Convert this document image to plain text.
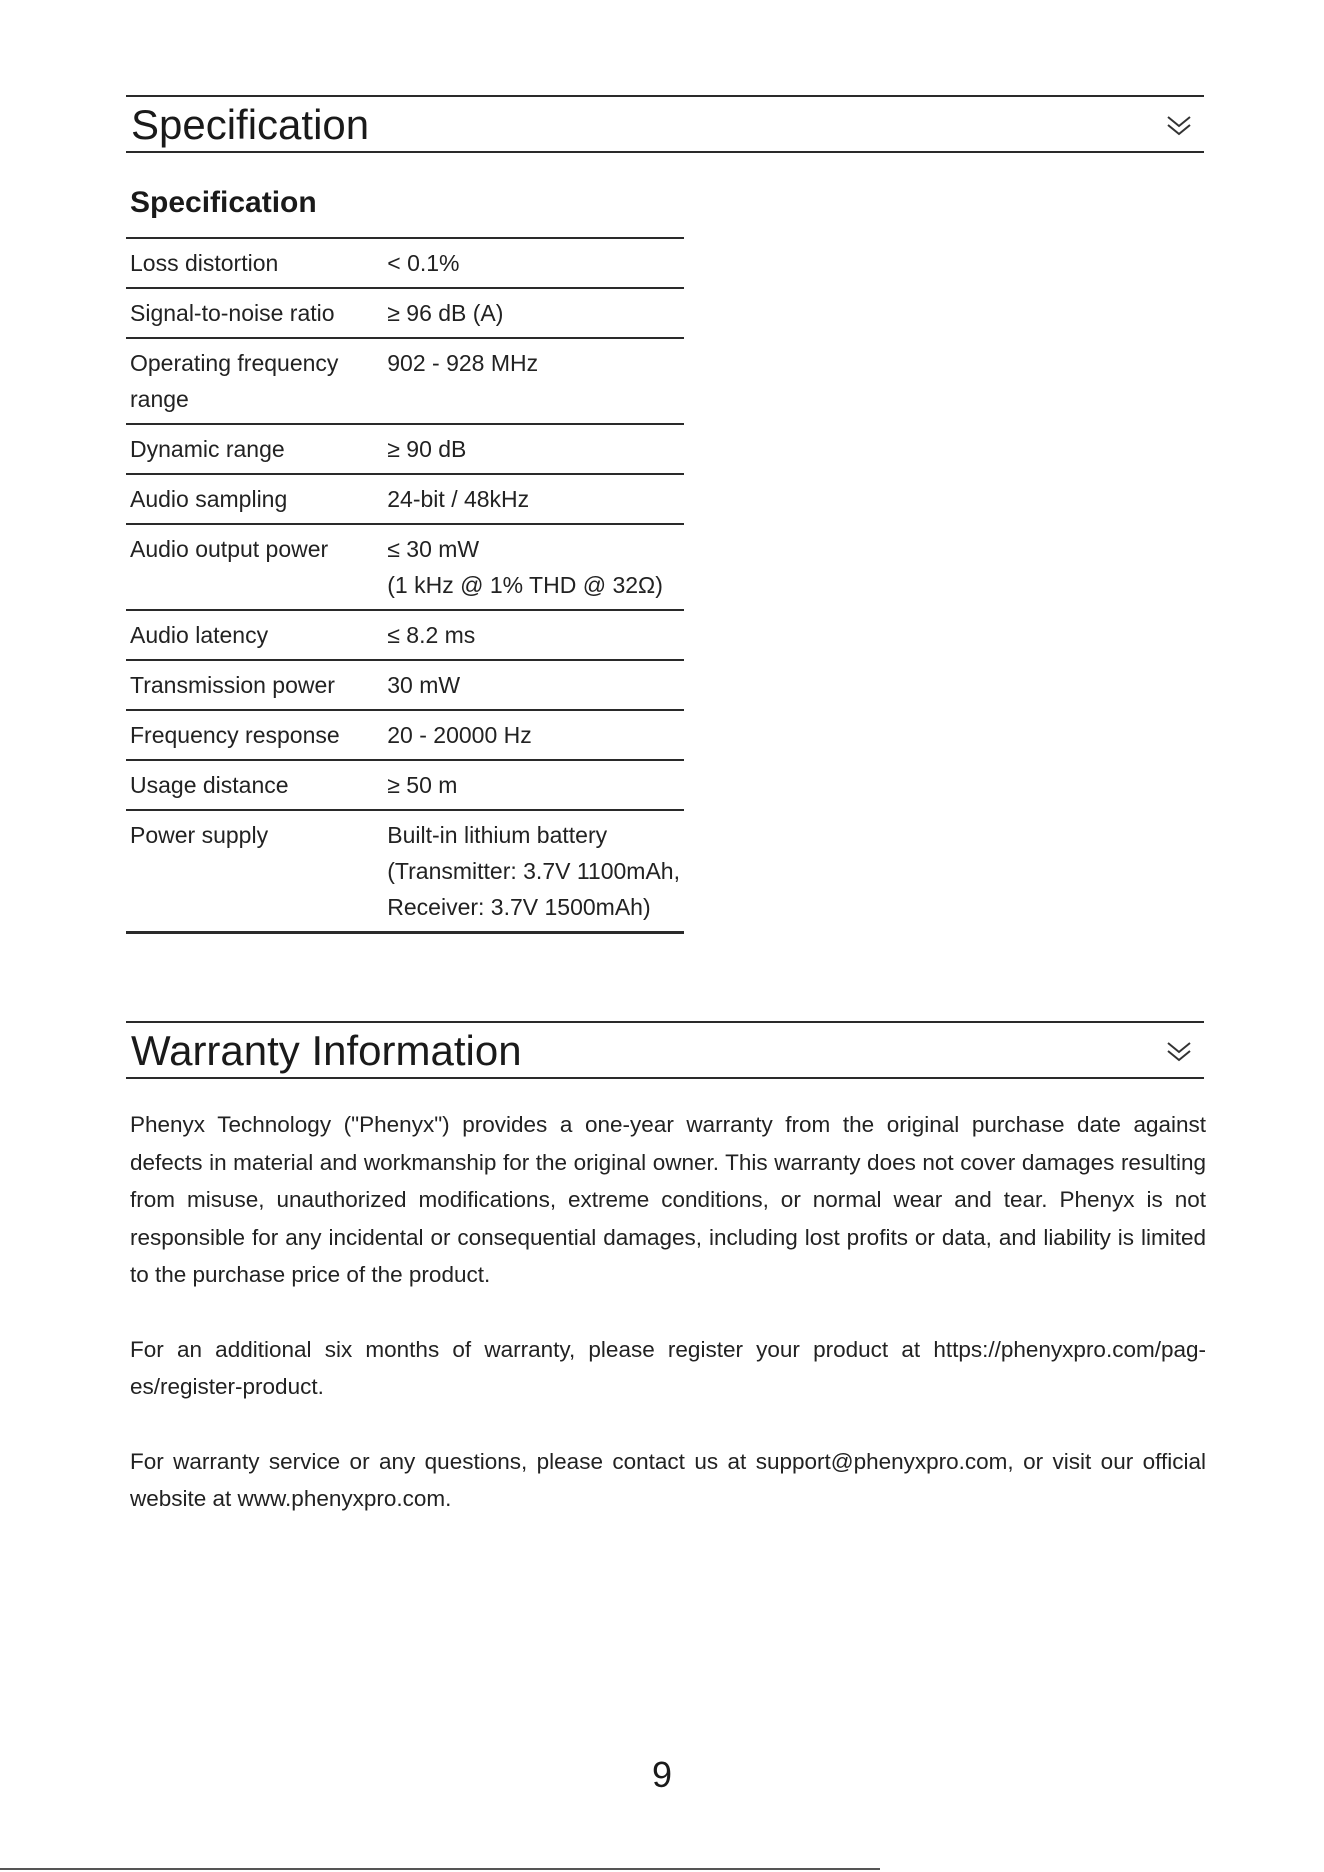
Specification
Specification
Loss distortion	< 0.1%

Signal-to-noise ratio	≥ 96 dB (A)

Operating frequency range	902 - 928 MHz

Dynamic range	≥ 90 dB

Audio sampling	24-bit / 48kHz

Audio output power	≤ 30 mW
(1 kHz @ 1% THD @ 32Ω)

Audio latency	≤ 8.2 ms

Transmission power	30 mW

Frequency response	20 - 20000 Hz

Usage distance	≥ 50 m

Power supply	Built-in lithium battery
(Transmitter: 3.7V 1100mAh,
Receiver: 3.7V 1500mAh)
Warranty Information

Phenyx Technology ("Phenyx") provides a one-year warranty from the original purchase date against defects in material and workmanship for the original owner. This warranty does not cover damages resulting from misuse, unauthorized modifications, extreme conditions, or normal wear and tear. Phenyx is not responsible for any incidental or consequential damages, including lost profits or data, and liability is limited to the purchase price of the product.

For an additional six months of warranty, please register your product at https://phenyxpro.com/pag-es/register-product.

For warranty service or any questions, please contact us at support@phenyxpro.com, or visit our official website at www.phenyxpro.com.

9
